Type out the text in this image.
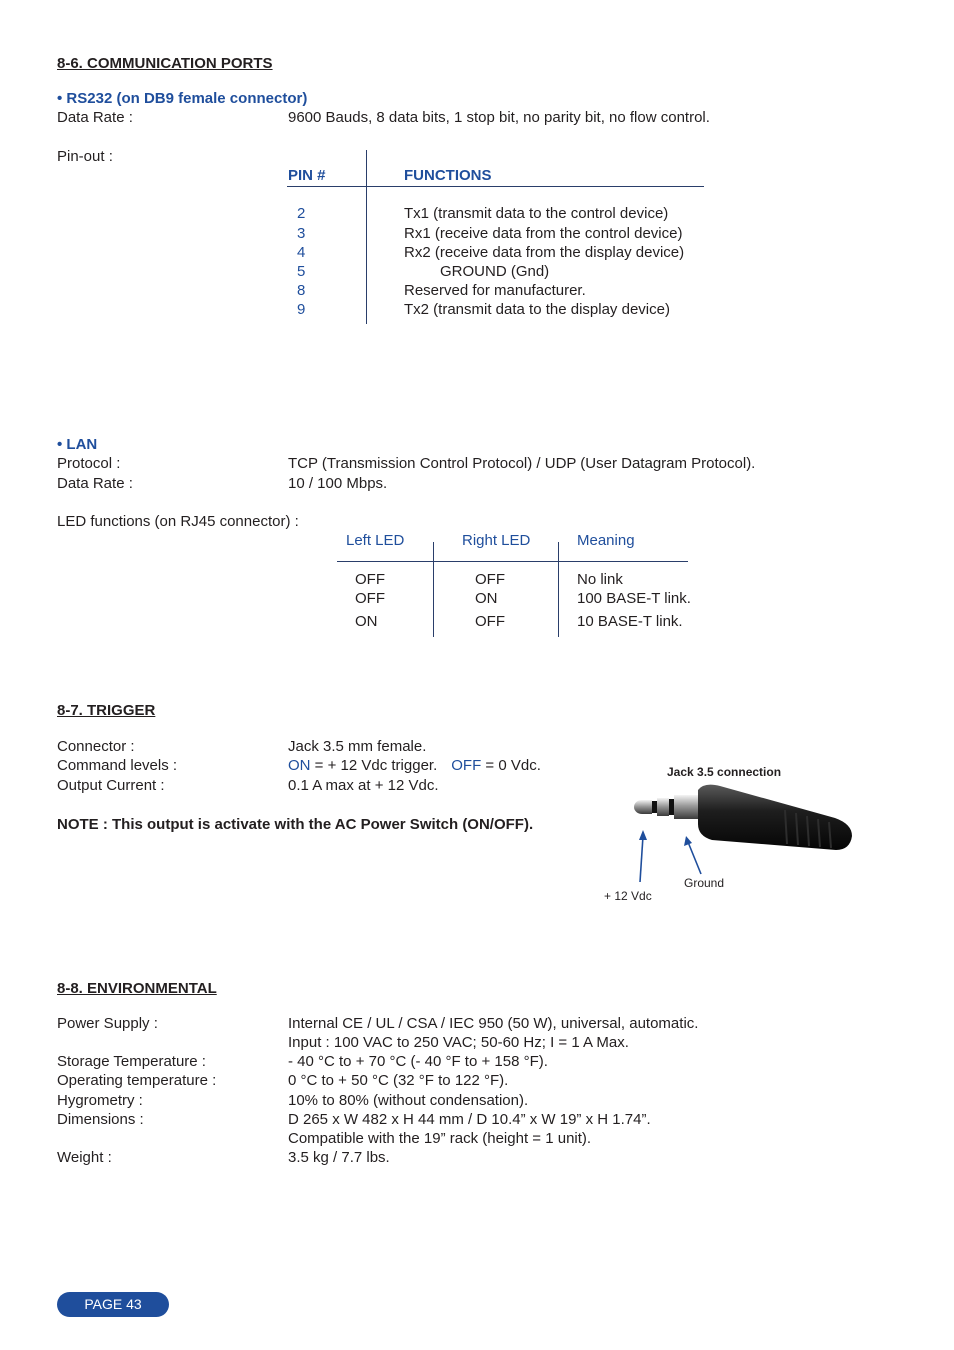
8-6. COMMUNICATION PORTS
• RS232 (on DB9 female connector)
Data Rate :	9600 Bauds, 8 data bits, 1 stop bit, no parity bit, no flow control.
Pin-out :
PIN #	FUNCTIONS
2	Tx1 (transmit data to the control device)
3	Rx1 (receive data from the control device)
4	Rx2 (receive data from the display device)
5	GROUND (Gnd)
8	Reserved for manufacturer.
9	Tx2 (transmit data to the display device)
• LAN
Protocol :	TCP (Transmission Control Protocol) / UDP (User Datagram Protocol).
Data Rate :	10 / 100 Mbps.
LED functions (on RJ45 connector) :
Left LED	Right LED	Meaning
OFF	OFF	No link
OFF	ON	100 BASE-T link.
ON	OFF	10 BASE-T link.
8-7. TRIGGER
Connector :	Jack 3.5 mm female.
Command levels :	ON = + 12 Vdc trigger. OFF = 0 Vdc.
Output Current :	0.1 A max at + 12 Vdc.
NOTE : This output is activate with the AC Power Switch (ON/OFF).
Jack 3.5 connection
Ground
+ 12 Vdc
8-8. ENVIRONMENTAL
Power Supply :	Internal CE / UL / CSA / IEC 950 (50 W), universal, automatic.
Input : 100 VAC to 250 VAC; 50-60 Hz; I = 1 A Max.
Storage Temperature :	- 40 °C to + 70 °C (- 40 °F to + 158 °F).
Operating temperature :	0 °C to + 50 °C (32 °F to 122 °F).
Hygrometry :	10% to 80% (without condensation).
Dimensions :	D 265 x W 482 x H 44 mm / D 10.4” x W 19” x H 1.74”.
Compatible with the 19” rack (height = 1 unit).
Weight :	3.5 kg / 7.7 lbs.
PAGE 43
